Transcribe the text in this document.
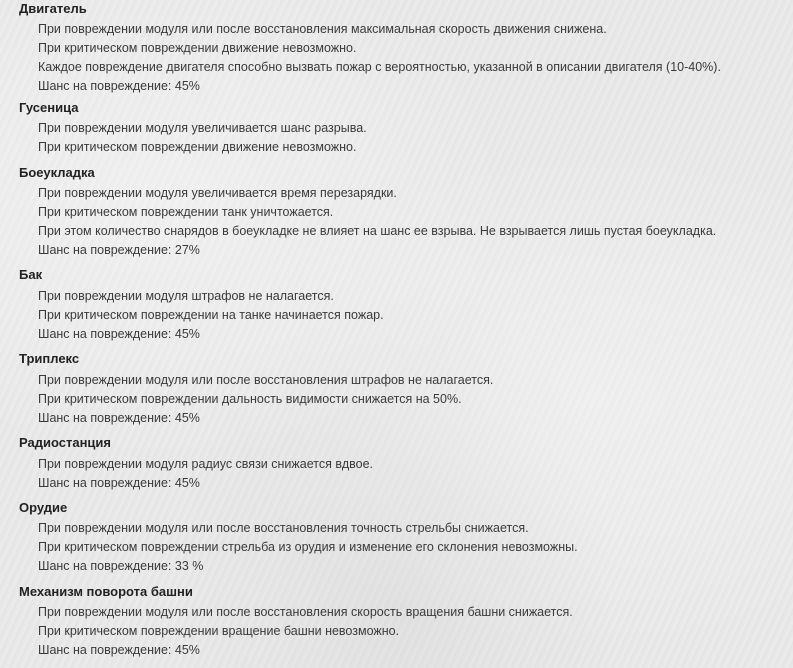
Двигатель
При повреждении модуля или после восстановления максимальная скорость движения снижена.
При критическом повреждении движение невозможно.
Каждое повреждение двигателя способно вызвать пожар с вероятностью, указанной в описании двигателя (10-40%).
Шанс на повреждение: 45%
Гусеница
При повреждении модуля увеличивается шанс разрыва.
При критическом повреждении движение невозможно.
Боеукладка
При повреждении модуля увеличивается время перезарядки.
При критическом повреждении танк уничтожается.
При этом количество снарядов в боеукладке не влияет на шанс ее взрыва. Не взрывается лишь пустая боеукладка.
Шанс на повреждение: 27%
Бак
При повреждении модуля штрафов не налагается.
При критическом повреждении на танке начинается пожар.
Шанс на повреждение: 45%
Триплекс
При повреждении модуля или после восстановления штрафов не налагается.
При критическом повреждении дальность видимости снижается на 50%.
Шанс на повреждение: 45%
Радиостанция
При повреждении модуля радиус связи снижается вдвое.
Шанс на повреждение: 45%
Орудие
При повреждении модуля или после восстановления точность стрельбы снижается.
При критическом повреждении стрельба из орудия и изменение его склонения невозможны.
Шанс на повреждение: 33 %
Механизм поворота башни
При повреждении модуля или после восстановления скорость вращения башни снижается.
При критическом повреждении вращение башни невозможно.
Шанс на повреждение: 45%
